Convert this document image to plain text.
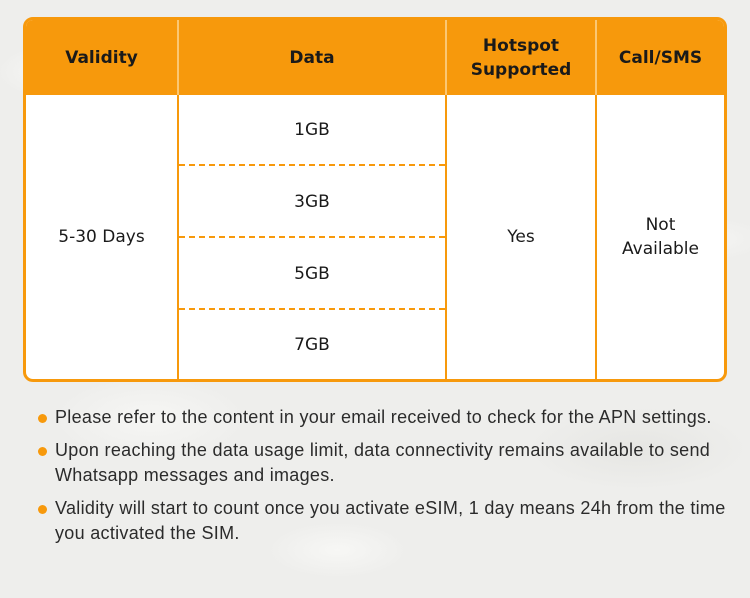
Validity	Data
Hotspot
Supported
Call/SMS
5-30 Days
1GB
3GB
5GB
7GB
Yes
Not
Available
Please refer to the content in your email received to check for the APN settings.
Upon reaching the data usage limit, data connectivity remains available to send Whatsapp messages and images.
Validity will start to count once you activate eSIM, 1 day means 24h from the time you activated the SIM.
